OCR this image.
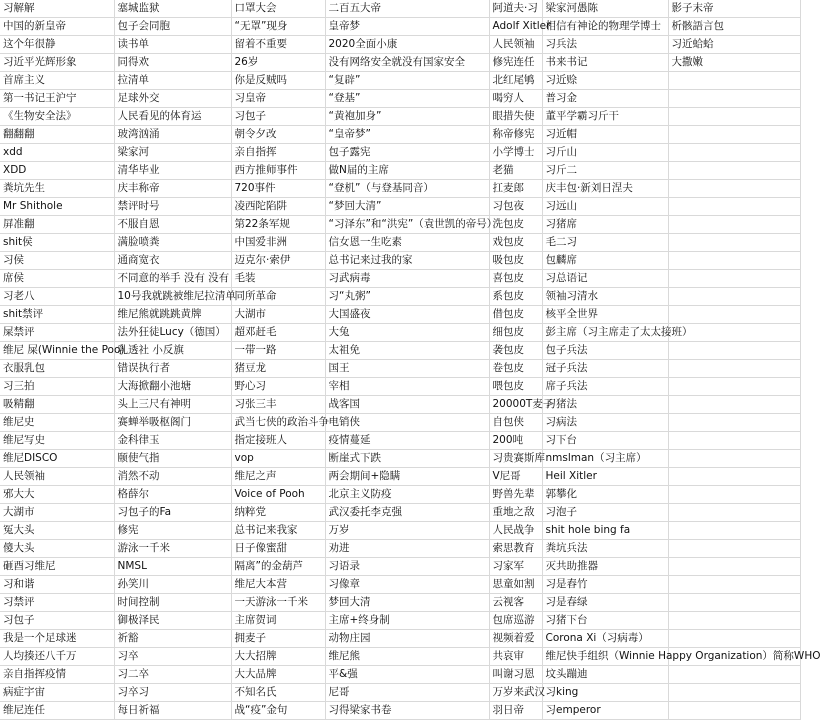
习解解	塞城监狱	口罩大会	二百五大帝	阿道夫·习	梁家河愚陈	影子末帝
中国的新皇帝	包子会同胞	“无罩”现身	皇帝梦	Adolf Xitler	相信有神论的物理学博士	析骸語言包
这个年很静	读书单	留着不重要	2020全面小康	人民领袖	习兵法	习近蛤蛤
习近平光辉形象	同得欢	26岁	没有网络安全就没有国家安全	修宪连任	书来书记	大撒嫩
首席主义	拉清单	你是反贼吗	“复辟”	北红尾鸲	习近赊	
第一书记王沪宁	足球外交	习皇帝	“登基”	喝穷人	普习金	
《生物安全法》	人民看见的体育运	习包子	“黄袍加身”	眼措失使	董平学霸习斤干	
翻翻翻	玻湾汹涌	朝令夕改	“皇帝梦”	称帝修宪	习近帽	
xdd	梁家河	亲自指挥	包子露宪	小学博士	习斤山	
XDD	清华毕业	西方推师事件	做N届的主席	老猫	习斤二	
粪坑先生	庆丰称帝	720事件	“登机”（与登基同音）	扛麦郎	庆丰包·新刘日涅夫	
Mr Shithole	禁评时号	凌西陀陷阱	“梦回大清”	习包夜	习远山	
屏准翻	不服自恩	第22条军规	“习泽东”和“洪宪”（袁世凯的帝号）	洗包皮	习猪席	
shit侯	满脸喷粪	中国爱非洲	信女恩一生吃素	戏包皮	毛二习	
习侯	通商宽衣	迈克尔·索伊	总书记来过我的家	吸包皮	包麟席	
席侯	不同意的举手 没有 没有	毛装	习武病毒	喜包皮	习总语记	
习老八	10号我就跳被维尼拉清单	同所革命	习“丸粥”	系包皮	领袖习清水	
shit禁评	维尼熊就跳跳黄牌	大湖市	大国盛夜	借包皮	核平全世界	
屎禁评	法外狂徒Lucy（德国）	超邓赶毛	大兔	细包皮	彭主席（习主席走了太太接班）	
维尼 屎(Winnie the Poo)	乳透社 小反旗	一带一路	太祖免	袭包皮	包子兵法	
衣服乳包	错误执行者	猪豆龙	国王	卷包皮	冠子兵法	
习三拍	大海掀翻小池塘	野心习	宰相	喂包皮	席子兵法	
吸精翻	头上三尺有神明	习张三丰	战客国	20000T麦子	习猪法	
维尼史	赛蝉举吸枢阁门	武当七侠的政治斗争	电销侠	自包侠	习病法	
维尼写史	金科律玉	指定接班人	疫情蔓延	200吨	习下台	
维尼DISCO	颐使气指	vop	断崖式下跌	习贵赛斯库	nmslman（习主席）	
人民领袖	消然不动	维尼之声	两会期间+隐瞒	V尼哥	Heil Xitler	
邪大大	格薛尔	Voice of Pooh	北京主义防疫	野兽先辈	郭攀化	
大湖市	习包子的Fa	纳粹党	武汉委托李克强	重地之敌	习泡子	
冤大头	修宪	总书记来我家	万岁	人民战争	shit hole bing fa	
傻大头	游泳一千米	日子像蜜甜	劝进	索思教育	粪坑兵法	
砸酉习维尼	NMSL	隔离”的金葫芦	习语录	习家军	灭共助推器	
习和谐	孙笑川	维尼大本营	习像章	思童如割	习是舂竹	
习禁评	时间控制	一天游泳一千米	梦回大清	云视客	习是春绿	
习包子	御极泽民	主席贺词	主席+终身制	包席巡游	习猪下台	
我是一个足球迷	祈豁	拥麦子	动物庄园	视频着爱	Corona Xi（习病毒）	
人均揍还八千万	习卒	大大招牌	维尼熊	共哀审	维尼快手组织（Winnie Happy Organization）简称WHO	
亲自指挥疫情	习二卒	大大品牌	平&强	叫谢习恩	坟头蹦迪	
病症宇宙	习卒习	不知名氏	尼哥	万岁来武汉	习king	
维尼连任	每日祈福	战“疫”金句	习得梁家书卷	羽日帝	习emperor	
